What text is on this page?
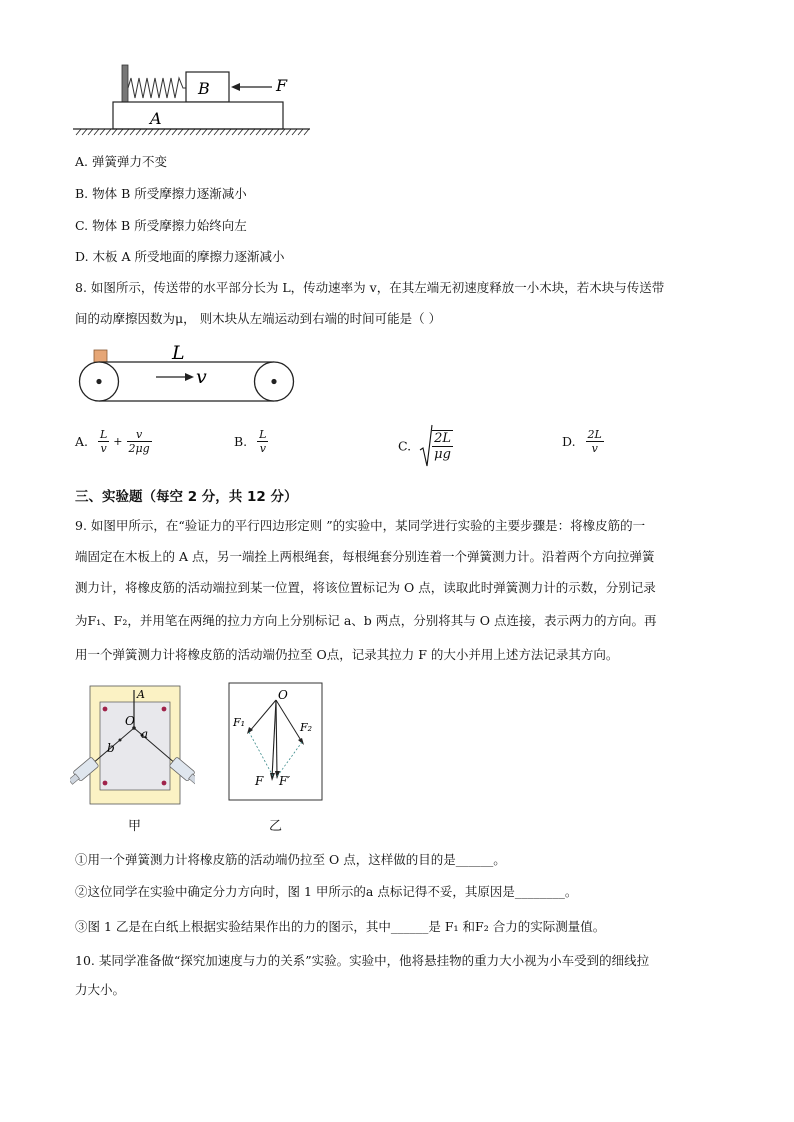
B	F
A
A. 弹簧弹力不变
B. 物体 B 所受摩擦力逐渐减小
C. 物体 B 所受摩擦力始终向左
D. 木板 A 所受地面的摩擦力逐渐减小
8. 如图所示，传送带的水平部分长为 L，传动速率为 v，在其左端无初速度释放一小木块，若木块与传送带
间的动摩擦因数为μ， 则木块从左端运动到右端的时间可能是（ ）
L
v
A. $\frac{L}{v} + \frac{v}{2\mu g}$	B. $\frac{L}{v}$	C. $\frac{2L}{\mu g}$	D. $\frac{2L}{v}$
三、实验题（每空 2 分，共 12 分）
9. 如图甲所示，在“验证力的平行四边形定则 ”的实验中，某同学进行实验的主要步骤是：将橡皮筋的一
端固定在木板上的 A 点，另一端拴上两根绳套，每根绳套分别连着一个弹簧测力计。沿着两个方向拉弹簧
测力计，将橡皮筋的活动端拉到某一位置，将该位置标记为 O 点，读取此时弹簧测力计的示数，分别记录
为F₁、F₂，并用笔在两绳的拉力方向上分别标记 a、b 两点，分别将其与 O 点连接，表示两力的方向。再
用一个弹簧测力计将橡皮筋的活动端仍拉至 O点，记录其拉力 F 的大小并用上述方法记录其方向。
A
O
a
b
甲
O
F₁	F₂
F F′
乙
①用一个弹簧测力计将橡皮筋的活动端仍拉至 O 点，这样做的目的是______。
②这位同学在实验中确定分力方向时，图 1 甲所示的a 点标记得不妥，其原因是________。
③图 1 乙是在白纸上根据实验结果作出的力的图示，其中______是 F₁ 和F₂ 合力的实际测量值。
10. 某同学准备做“探究加速度与力的关系”实验。实验中，他将悬挂物的重力大小视为小车受到的细线拉
力大小。
